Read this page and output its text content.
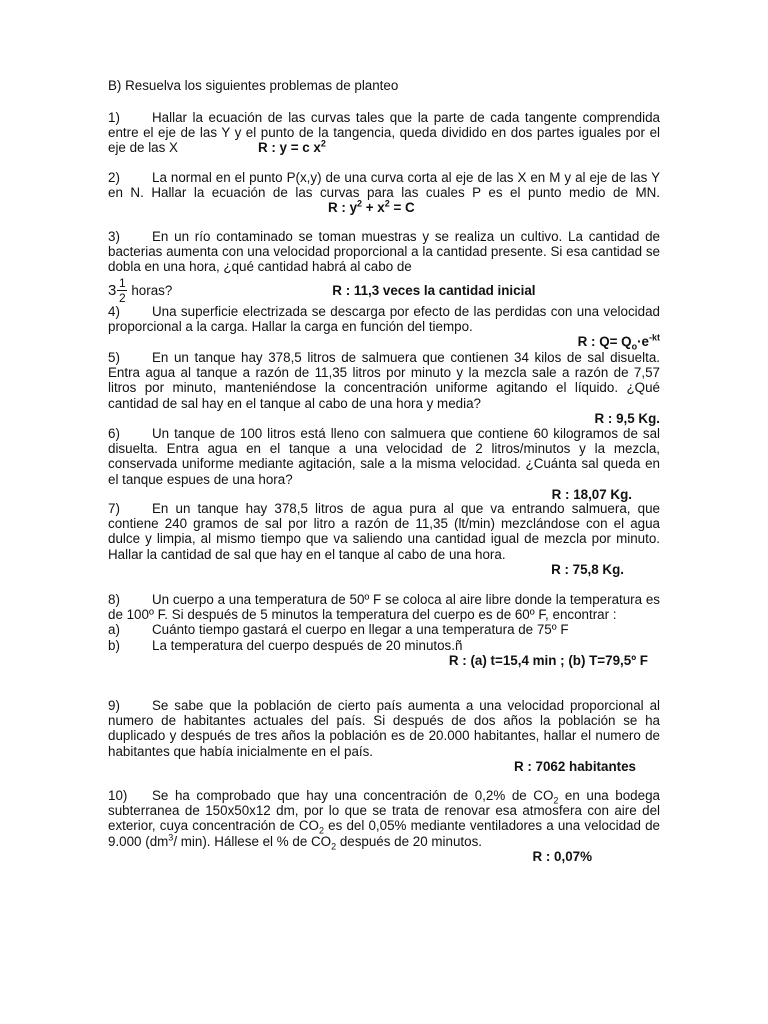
B) Resuelva los siguientes problemas de planteo

1) Hallar la ecuación de las curvas tales que la parte de cada tangente comprendida entre el eje de las Y y el punto de la tangencia, queda dividido en dos partes iguales por el eje de las X	R : y = c $x^2$

2) La normal en el punto P(x,y) de una curva corta al eje de las X en M y al eje de las Y en N. Hallar la ecuación de las curvas para las cuales P es el punto medio de MN.R : $y^2 + x^2 = C$

3) En un río contaminado se toman muestras y se realiza un cultivo. La cantidad de bacterias aumenta con una velocidad proporcional a la cantidad presente. Si esa cantidad se dobla en una hora, ¿qué cantidad habrá al cabo de

3 1
2
horas?	R : 11,3 veces la cantidad inicial

4) Una superficie electrizada se descarga por efecto de las perdidas con una velocidad proporcional a la carga. Hallar la carga en función del tiempo.

R : $Q= Q_o\cdot e^{-kt}$

5) En un tanque hay 378,5 litros de salmuera que contienen 34 kilos de sal disuelta. Entra agua al tanque a razón de 11,35 litros por minuto y la mezcla sale a razón de 7,57 litros por minuto, manteniéndose la concentración uniforme agitando el líquido. ¿Qué cantidad de sal hay en el tanque al cabo de una hora y media?

R : 9,5 Kg.

6) Un tanque de 100 litros está lleno con salmuera que contiene 60 kilogramos de sal disuelta. Entra agua en el tanque a una velocidad de 2 litros/minutos y la mezcla, conservada uniforme mediante agitación, sale a la misma velocidad. ¿Cuánta sal queda en el tanque espues de una hora?

R : 18,07 Kg.

7) En un tanque hay 378,5 litros de agua pura al que va entrando salmuera, que contiene 240 gramos de sal por litro a razón de 11,35 (lt/min) mezclándose con el agua dulce y limpia, al mismo tiempo que va saliendo una cantidad igual de mezcla por minuto. Hallar la cantidad de sal que hay en el tanque al cabo de una hora.

R : 75,8 Kg.

8) Un cuerpo a una temperatura de 50º F se coloca al aire libre donde la temperatura es de 100º F. Si después de 5 minutos la temperatura del cuerpo es de 60º F, encontrar :

a)	Cuánto tiempo gastará el cuerpo en llegar a una temperatura de 75º F
b)	La temperatura del cuerpo después de 20 minutos.ñ
R : (a) t=15,4 min ; (b) T=79,5º F

9) Se sabe que la población de cierto país aumenta a una velocidad proporcional al numero de habitantes actuales del país. Si después de dos años la población se ha duplicado y después de tres años la población es de 20.000 habitantes, hallar el numero de habitantes que había inicialmente en el país.

R : 7062 habitantes

10) Se ha comprobado que hay una concentración de 0,2% de $CO_2$ en una bodega subterranea de 150x50x12 dm, por lo que se trata de renovar esa atmosfera con aire del exterior, cuya concentración de $CO_2$ es del 0,05% mediante ventiladores a una velocidad de 9.000 ($dm^3/$ min). Hállese el % de $CO_2$ después de 20 minutos.

R : 0,07%
